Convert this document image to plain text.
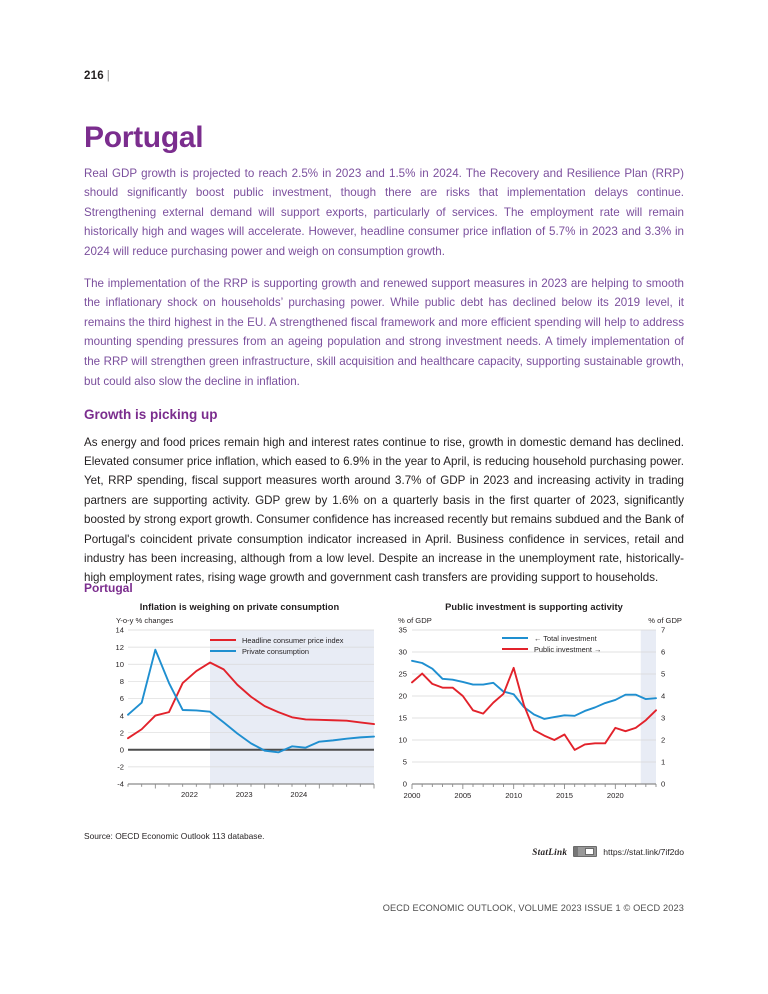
216 |
Portugal

Real GDP growth is projected to reach 2.5% in 2023 and 1.5% in 2024. The Recovery and Resilience Plan (RRP) should significantly boost public investment, though there are risks that implementation delays continue. Strengthening external demand will support exports, particularly of services. The employment rate will remain historically high and wages will accelerate. However, headline consumer price inflation of 5.7% in 2023 and 3.3% in 2024 will reduce purchasing power and weigh on consumption growth.

The implementation of the RRP is supporting growth and renewed support measures in 2023 are helping to smooth the inflationary shock on households’ purchasing power. While public debt has declined below its 2019 level, it remains the third highest in the EU. A strengthened fiscal framework and more efficient spending will help to address mounting spending pressures from an ageing population and strong investment needs. A timely implementation of the RRP will strengthen green infrastructure, skill acquisition and healthcare capacity, supporting sustainable growth, but could also slow the decline in inflation.

Growth is picking up

As energy and food prices remain high and interest rates continue to rise, growth in domestic demand has declined. Elevated consumer price inflation, which eased to 6.9% in the year to April, is reducing household purchasing power. Yet, RRP spending, fiscal support measures worth around 3.7% of GDP in 2023 and increasing activity in trading partners are supporting activity. GDP grew by 1.6% on a quarterly basis in the first quarter of 2023, significantly boosted by strong export growth. Consumer confidence has increased recently but remains subdued and the Bank of Portugal's coincident private consumption indicator increased in April. Business confidence in services, retail and industry has been increasing, although from a low level. Despite an increase in the unemployment rate, historically-high employment rates, rising wage growth and government cash transfers are providing support to households.

Portugal
Inflation is weighing on private consumption
Y-o-y % changes
-4
-2
0
2
4
6
8
10
12
14
2022	2023	2024
Headline consumer price index
Private consumption
Public investment is supporting activity
% of GDP	% of GDP
0
5
10
15
20
25
30
35
0
1
2
3
4
5
6
7
2000	2005	2010	2015	2020
← Total investment
Public investment →
Source: OECD Economic Outlook 113 database.
StatLink	https://stat.link/7if2do
OECD ECONOMIC OUTLOOK, VOLUME 2023 ISSUE 1 © OECD 2023
